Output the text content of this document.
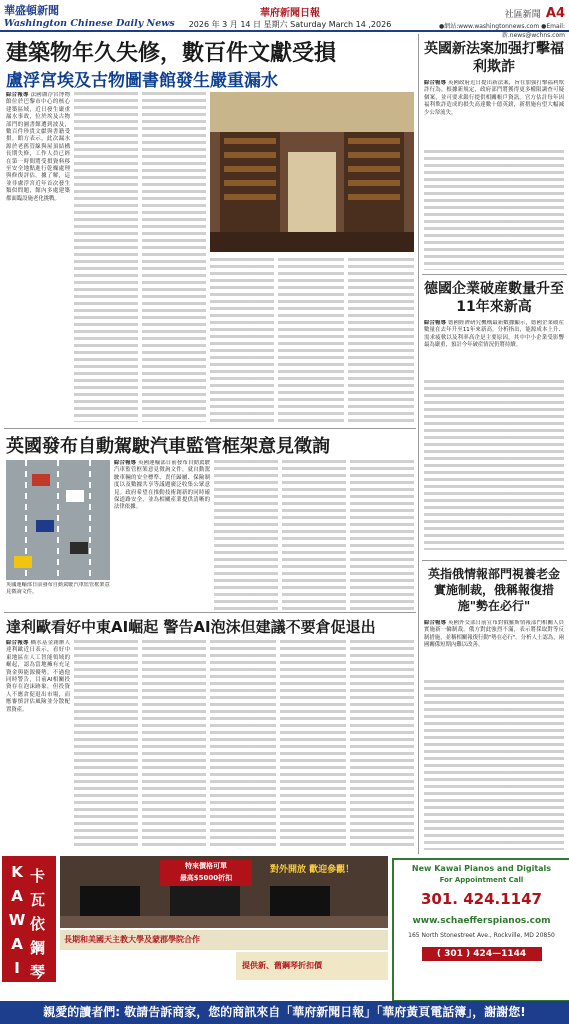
華盛頓新聞
Washington Chinese Daily News
華府新聞日報
2026 年 3 月 14 日 星期六 Saturday March 14 ,2026
社區新聞 A4
●網站:www.washingtonnews.com ●Email:新.news@wchns.com
建築物年久失修，數百件文獻受損
盧浮宮埃及古物圖書館發生嚴重漏水
綜合報導 法國盧浮宮博物館位於巴黎市中心的核心建築區域，近日發生嚴重漏水事故，位於埃及古物部門的圖書館遭到波及，數百件珍貴文獻與書籍受損。館方表示，此次漏水源於老舊管線與屋頂結構長期失修，工作人員已經在第一時間將受損資料移至安全地點進行乾燥處理與修復評估。據了解，這並非盧浮宮近年首次發生類似問題，館內多處建築都面臨設施老化挑戰。
英國新法案加强打擊福利欺詐
綜合報導 英國政府近日提出新法案，旨在加强打擊福利欺詐行為。根據新規定，政府部門將獲得更多權限調查可疑個案，並可要求銀行提供相關帳戶資訊。官方估計每年因福利欺詐造成的損失高達數十億英鎊，新措施有望大幅減少公帑流失。
德國企業破産數量升至11年來新高
綜合報導 德國經濟研究機構最新數據顯示，德國企業破産數量在去年升至11年來新高。分析指出，能源成本上升、需求疲軟以及利率高企是主要原因，其中中小企業受影響最為嚴重，預計今年破産情況仍將持續。
英指俄情報部門視養老金實施制裁，俄稱報復措施"勢在必行"
綜合報導 英國外交部日前宣布對俄羅斯情報部門相關人員實施新一輪制裁。俄方對此強烈不滿，表示將採取對等反制措施，並稱相關報復行動"勢在必行"。分析人士認為，兩國關係短期內難以改善。
英國發布自動駕駛汽車監管框架意見徵詢
英國運輸部日前發布自動駕駛汽車監管框架意見徵詢文件。
綜合報導 英國運輸部日前發布自動駕駛汽車監管框架意見徵詢文件，就自動駕駛車輛的安全標準、責任歸屬、保險制度以及數據共享等議題廣泛收集公眾意見。政府希望在推動技術創新的同時確保道路安全，並為相關產業提供清晰的法律依據。
達利歐看好中東AI崛起 警告AI泡沫但建議不要倉促退出
綜合報導 橋水基金創辦人達利歐近日表示，看好中東地區在人工智能領域的崛起，認為當地擁有充足資金與能源優勢。不過他同時警告，目前AI相關投資存在泡沫跡象，但投資人不應倉促退出市場，而應審慎評估風險並分散配置資產。
K
A
W
A
I
卡瓦依鋼琴
特來價格可單
最高$5000折扣
對外開放 歡迎參觀！
長期和美國天主教大學及蒙郡學院合作
提供新、舊鋼琴折扣價
New Kawai Pianos and Digitals
For Appointment Call
301. 424.1147
www.schaefferspianos.com
165 North Stonestreet Ave., Rockville, MD 20850
( 301 ) 424—1144
親愛的讀者們: 敬請告訴商家，您的商訊來自「華府新聞日報」「華府黃頁電話簿」，謝謝您!
